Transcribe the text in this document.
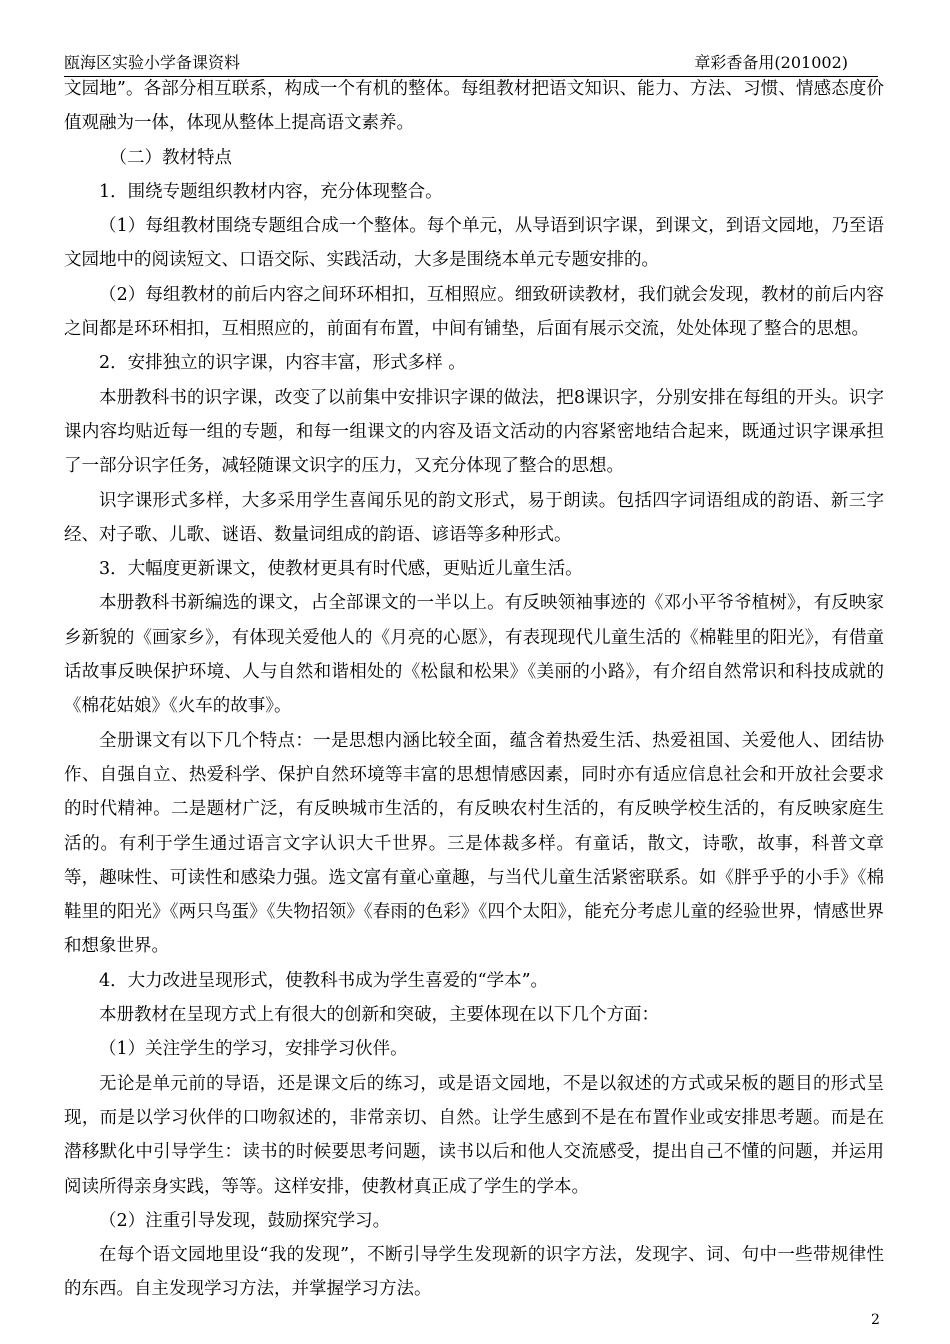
瓯海区实验小学备课资料	章彩香备用(201002)

文园地”。各部分相互联系，构成一个有机的整体。每组教材把语文知识、能力、方法、习惯、情感态度价值观融为一体，体现从整体上提高语文素养。

（二）教材特点

1．围绕专题组织教材内容，充分体现整合。

（1）每组教材围绕专题组合成一个整体。每个单元，从导语到识字课，到课文，到语文园地，乃至语文园地中的阅读短文、口语交际、实践活动，大多是围绕本单元专题安排的。

（2）每组教材的前后内容之间环环相扣，互相照应。细致研读教材，我们就会发现，教材的前后内容之间都是环环相扣，互相照应的，前面有布置，中间有铺垫，后面有展示交流，处处体现了整合的思想。

2．安排独立的识字课，内容丰富，形式多样 。

本册教科书的识字课，改变了以前集中安排识字课的做法，把8课识字，分别安排在每组的开头。识字课内容均贴近每一组的专题，和每一组课文的内容及语文活动的内容紧密地结合起来，既通过识字课承担了一部分识字任务，减轻随课文识字的压力，又充分体现了整合的思想。

识字课形式多样，大多采用学生喜闻乐见的韵文形式，易于朗读。包括四字词语组成的韵语、新三字经、对子歌、儿歌、谜语、数量词组成的韵语、谚语等多种形式。

3．大幅度更新课文，使教材更具有时代感，更贴近儿童生活。

本册教科书新编选的课文，占全部课文的一半以上。有反映领袖事迹的《邓小平爷爷植树》，有反映家乡新貌的《画家乡》，有体现关爱他人的《月亮的心愿》，有表现现代儿童生活的《棉鞋里的阳光》，有借童话故事反映保护环境、人与自然和谐相处的《松鼠和松果》《美丽的小路》，有介绍自然常识和科技成就的《棉花姑娘》《火车的故事》。

全册课文有以下几个特点：一是思想内涵比较全面，蕴含着热爱生活、热爱祖国、关爱他人、团结协作、自强自立、热爱科学、保护自然环境等丰富的思想情感因素，同时亦有适应信息社会和开放社会要求的时代精神。二是题材广泛，有反映城市生活的，有反映农村生活的，有反映学校生活的，有反映家庭生活的。有利于学生通过语言文字认识大千世界。三是体裁多样。有童话，散文，诗歌，故事，科普文章等，趣味性、可读性和感染力强。选文富有童心童趣，与当代儿童生活紧密联系。如《胖乎乎的小手》《棉鞋里的阳光》《两只鸟蛋》《失物招领》《春雨的色彩》《四个太阳》，能充分考虑儿童的经验世界，情感世界和想象世界。

4．大力改进呈现形式，使教科书成为学生喜爱的“学本”。

本册教材在呈现方式上有很大的创新和突破，主要体现在以下几个方面：

（1）关注学生的学习，安排学习伙伴。

无论是单元前的导语，还是课文后的练习，或是语文园地，不是以叙述的方式或呆板的题目的形式呈现，而是以学习伙伴的口吻叙述的，非常亲切、自然。让学生感到不是在布置作业或安排思考题。而是在潜移默化中引导学生：读书的时候要思考问题，读书以后和他人交流感受，提出自己不懂的问题，并运用阅读所得亲身实践，等等。这样安排，使教材真正成了学生的学本。

（2）注重引导发现，鼓励探究学习。

在每个语文园地里设“我的发现”，不断引导学生发现新的识字方法，发现字、词、句中一些带规律性的东西。自主发现学习方法，并掌握学习方法。

2
